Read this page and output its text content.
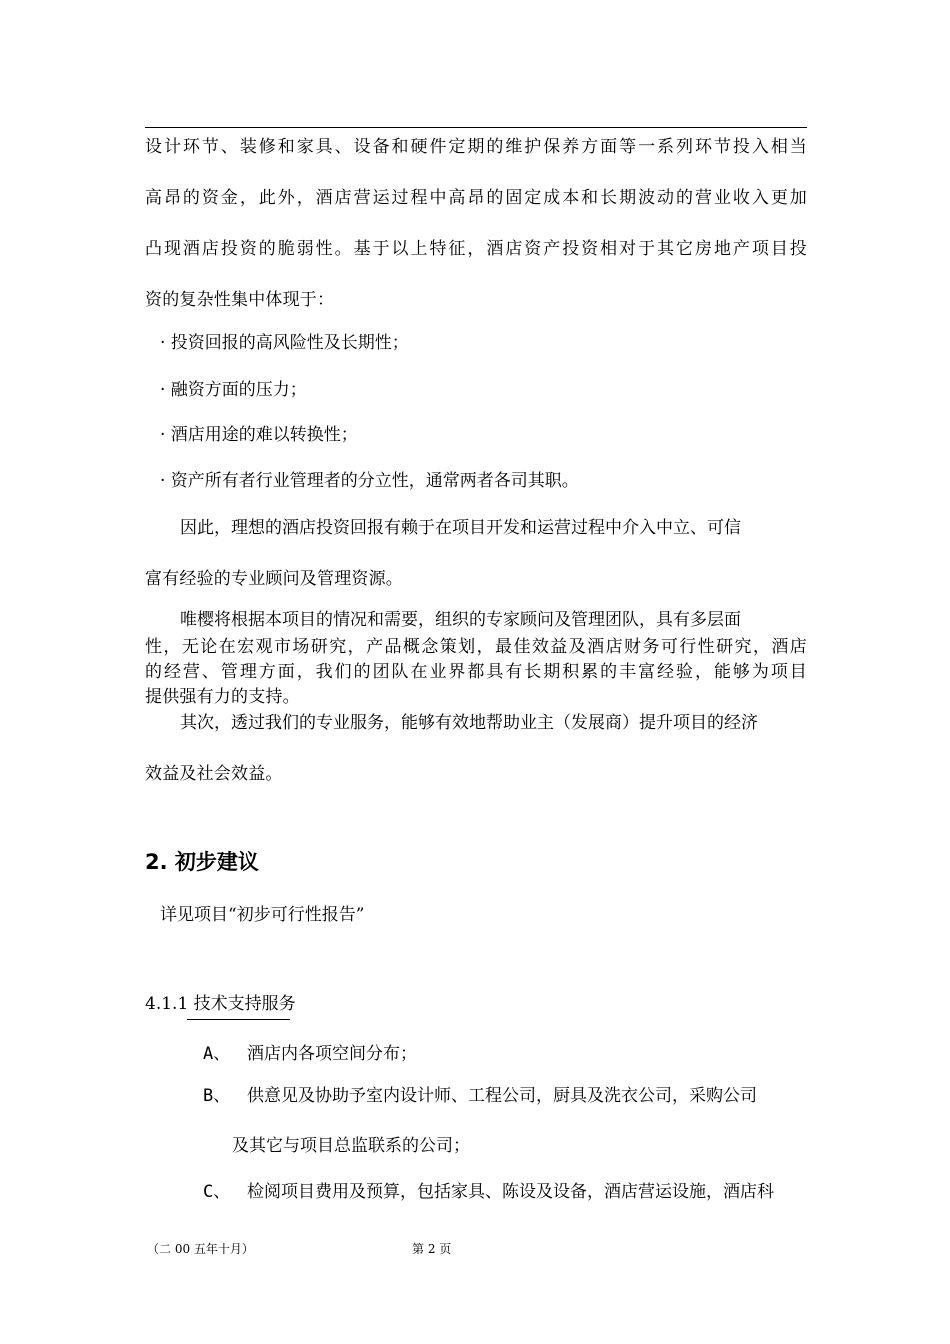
设计环节、装修和家具、设备和硬件定期的维护保养方面等一系列环节投入相当
高昂的资金，此外，酒店营运过程中高昂的固定成本和长期波动的营业收入更加
凸现酒店投资的脆弱性。基于以上特征，酒店资产投资相对于其它房地产项目投
资的复杂性集中体现于：
· 投资回报的高风险性及长期性；
· 融资方面的压力；
· 酒店用途的难以转换性；
· 资产所有者行业管理者的分立性，通常两者各司其职。
因此，理想的酒店投资回报有赖于在项目开发和运营过程中介入中立、可信
富有经验的专业顾问及管理资源。
唯樱将根据本项目的情况和需要，组织的专家顾问及管理团队，具有多层面
性，无论在宏观市场研究，产品概念策划，最佳效益及酒店财务可行性研究，酒店
的经营、管理方面，我们的团队在业界都具有长期积累的丰富经验，能够为项目
提供强有力的支持。
其次，透过我们的专业服务，能够有效地帮助业主（发展商）提升项目的经济
效益及社会效益。
2. 初步建议
详见项目“初步可行性报告”
4.1.1 技术支持服务
A、 酒店内各项空间分布；
B、 供意见及协助予室内设计师、工程公司，厨具及洗衣公司，采购公司
及其它与项目总监联系的公司；
C、 检阅项目费用及预算，包括家具、陈设及设备，酒店营运设施，酒店科
（二 00 五年十月）	第 2 页
